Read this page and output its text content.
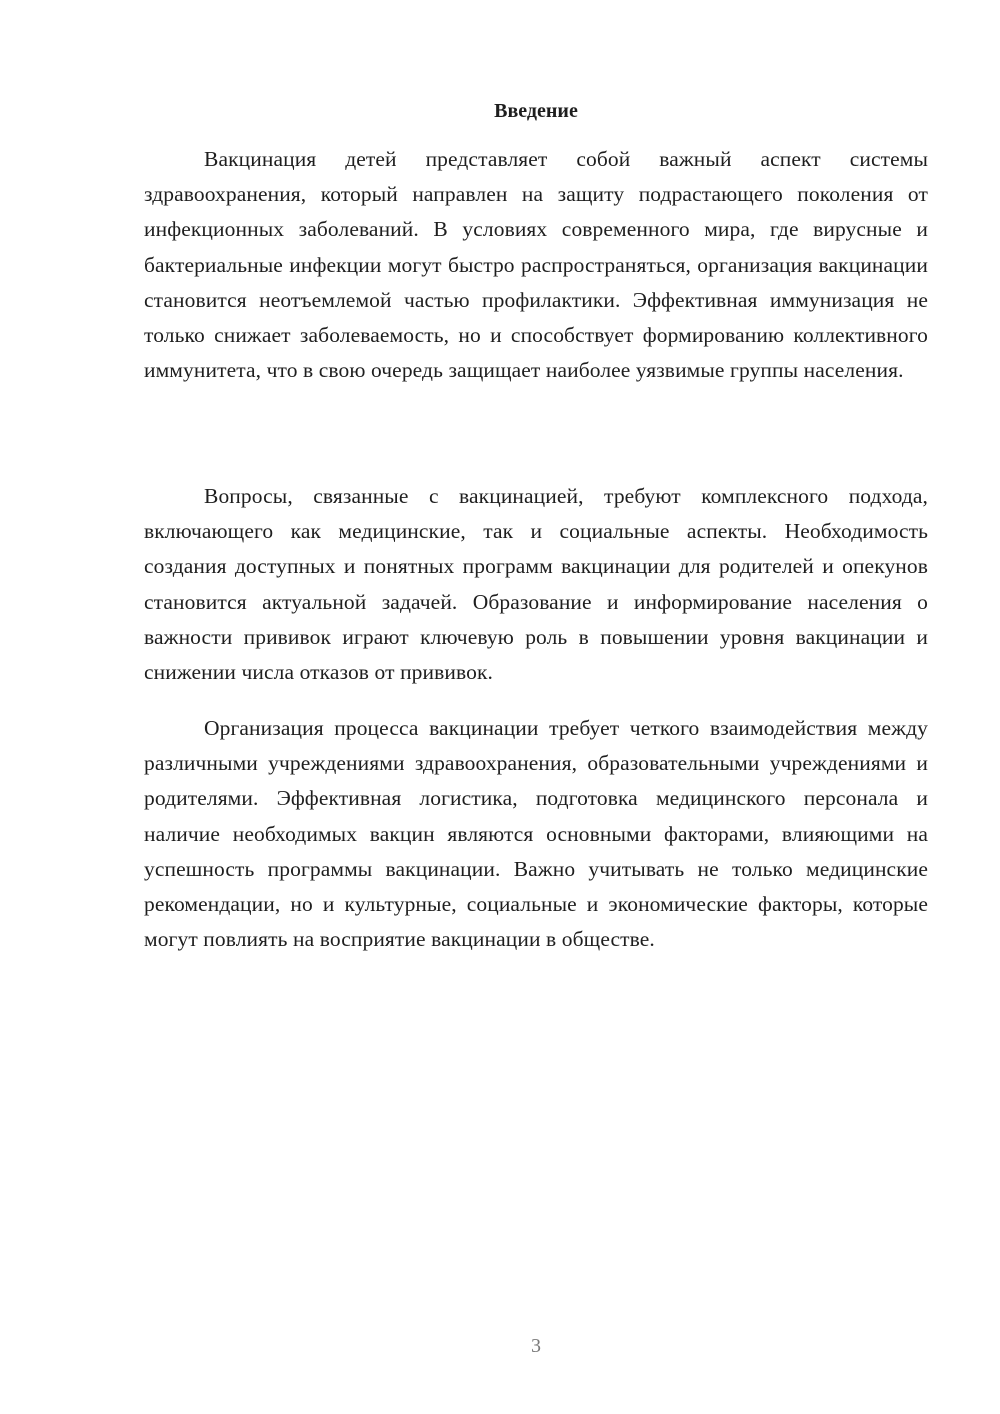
Введение

Вакцинация детей представляет собой важный аспект системы здравоохранения, который направлен на защиту подрастающего поколения от инфекционных заболеваний. В условиях современного мира, где вирусные и бактериальные инфекции могут быстро распространяться, организация вакцинации становится неотъемлемой частью профилактики. Эффективная иммунизация не только снижает заболеваемость, но и способствует формированию коллективного иммунитета, что в свою очередь защищает наиболее уязвимые группы населения.

Вопросы, связанные с вакцинацией, требуют комплексного подхода, включающего как медицинские, так и социальные аспекты. Необходимость создания доступных и понятных программ вакцинации для родителей и опекунов становится актуальной задачей. Образование и информирование населения о важности прививок играют ключевую роль в повышении уровня вакцинации и снижении числа отказов от прививок.

Организация процесса вакцинации требует четкого взаимодействия между различными учреждениями здравоохранения, образовательными учреждениями и родителями. Эффективная логистика, подготовка медицинского персонала и наличие необходимых вакцин являются основными факторами, влияющими на успешность программы вакцинации. Важно учитывать не только медицинские рекомендации, но и культурные, социальные и экономические факторы, которые могут повлиять на восприятие вакцинации в обществе.

3
